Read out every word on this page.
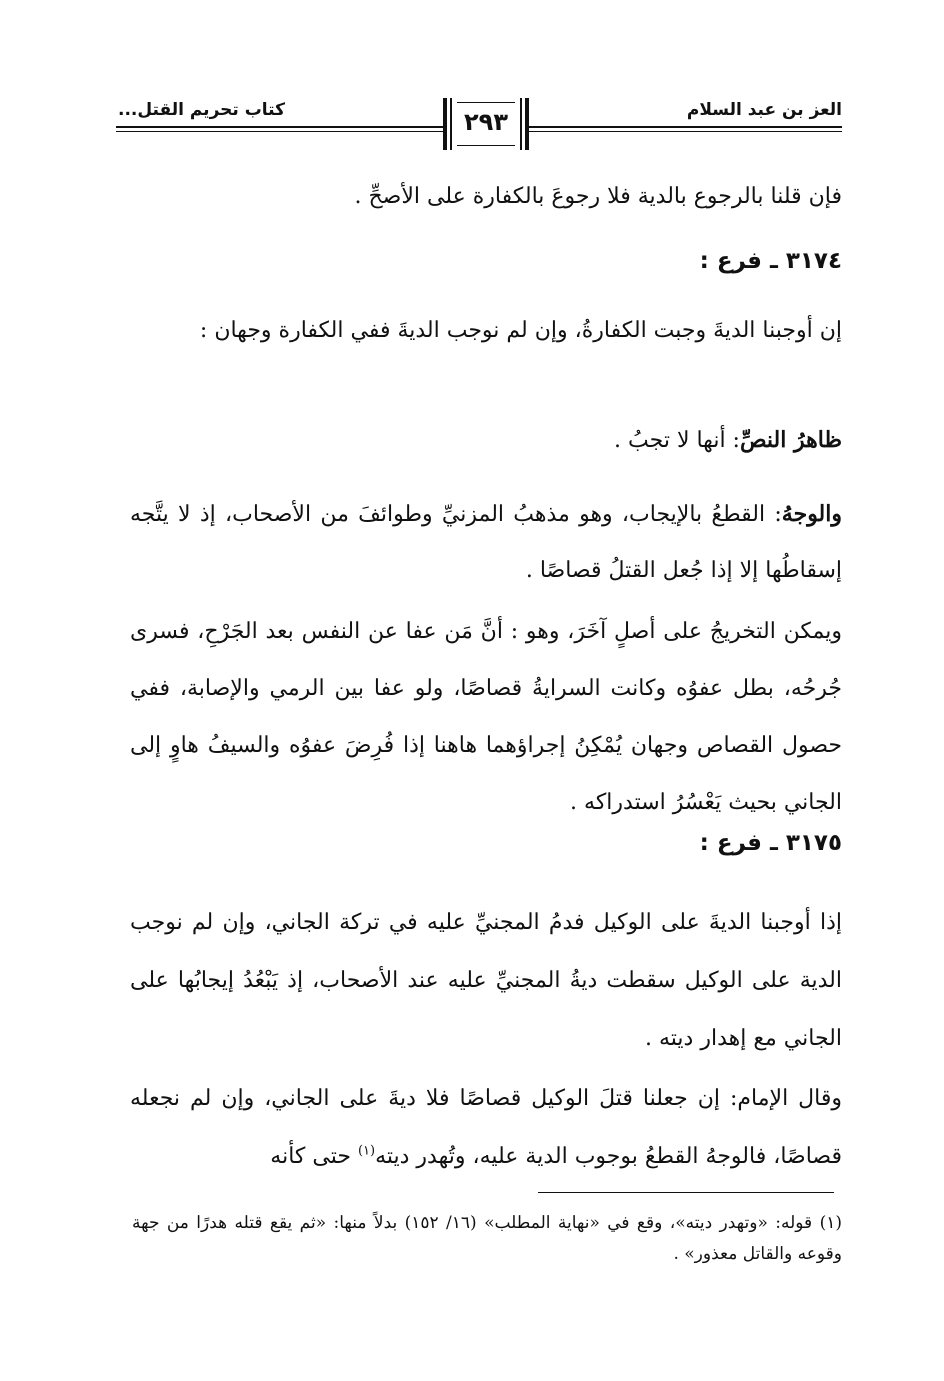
العز بن عبد السلام
كتاب تحريم القتل...	٢٩٣
فإن قلنا بالرجوع بالدية فلا رجوعَ بالكفارة على الأصحِّ .
٣١٧٤ ـ فرع :
إن أوجبنا الديةَ وجبت الكفارةُ، وإن لم نوجب الديةَ ففي الكفارة وجهان :
ظاهرُ النصِّ: أنها لا تجبُ .
والوجهُ: القطعُ بالإيجاب، وهو مذهبُ المزنيِّ وطوائفَ من الأصحاب، إذ لا يتَّجه إسقاطُها إلا إذا جُعل القتلُ قصاصًا .
ويمكن التخريجُ على أصلٍ آخَرَ، وهو : أنَّ مَن عفا عن النفس بعد الجَرْحِ، فسرى جُرحُه، بطل عفوُه وكانت السرايةُ قصاصًا، ولو عفا بين الرمي والإصابة، ففي حصول القصاص وجهان يُمْكِنُ إجراؤهما هاهنا إذا فُرِضَ عفوُه والسيفُ هاوٍ إلى الجاني بحيث يَعْسُرُ استدراكه .
٣١٧٥ ـ فرع :
إذا أوجبنا الديةَ على الوكيل فدمُ المجنيِّ عليه في تركة الجاني، وإن لم نوجب الدية على الوكيل سقطت ديةُ المجنيِّ عليه عند الأصحاب، إذ يَبْعُدُ إيجابُها على الجاني مع إهدار ديته .
وقال الإمام: إن جعلنا قتلَ الوكيل قصاصًا فلا ديةَ على الجاني، وإن لم نجعله قصاصًا، فالوجهُ القطعُ بوجوب الدية عليه، وتُهدر ديته$^{(١)}$ حتى كأنه
(١) قوله: «وتهدر ديته»، وقع في «نهاية المطلب» (١٦/ ١٥٢) بدلاً منها: «ثم يقع قتله هدرًا من جهة وقوعه والقاتل معذور» .
